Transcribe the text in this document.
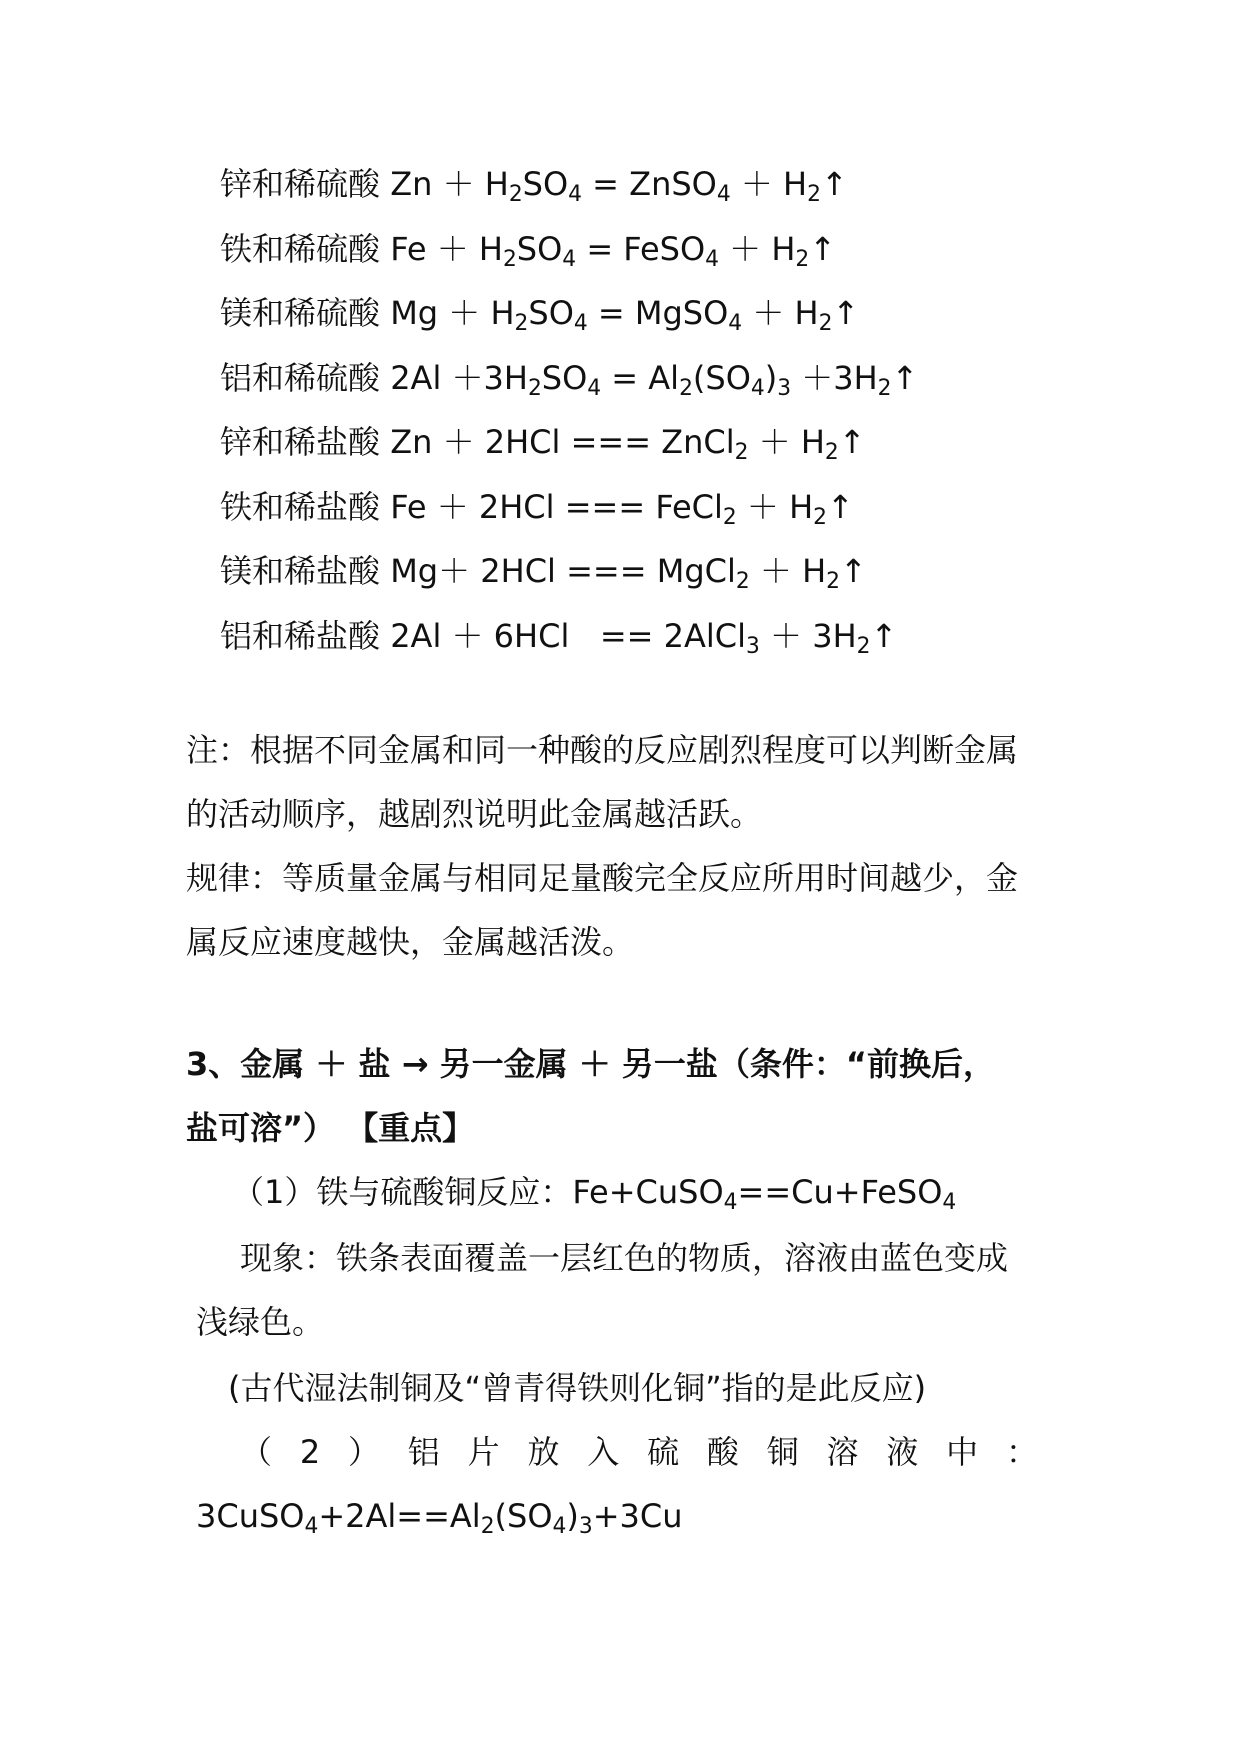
锌和稀硫酸 $Zn + H_2SO_4$ = ZnSO$_4$ ＋ $H_2↑$
铁和稀硫酸 $Fe + H_2SO_4$ = FeSO$_4$ ＋ $H_2↑$
镁和稀硫酸 $Mg + H_2SO_4$ = MgSO$_4$ ＋ $H_2↑$
铝和稀硫酸 $2Al +3H_2SO_4 = Al_2(SO_4)_3$ $+3H_2↑$
锌和稀盐酸 Zn ＋ 2HCl === ZnCl$_2$ ＋ $H_2↑$
铁和稀盐酸 Fe ＋ 2HCl === FeCl$_2$ ＋ $H_2↑$
镁和稀盐酸 Mg＋ 2HCl === MgCl$_2$ ＋ $H_2↑$
铝和稀盐酸 2Al ＋ 6HCl   == 2AlCl$_3$ ＋ $3H_2↑$
注：根据不同金属和同一种酸的反应剧烈程度可以判断金属
的活动顺序，越剧烈说明此金属越活跃。
规律：等质量金属与相同足量酸完全反应所用时间越少，金
属反应速度越快，金属越活泼。
3、金属 ＋ 盐 → 另一金属 ＋ 另一盐（条件：“前换后，
盐可溶”） 【重点】
（1）铁与硫酸铜反应：Fe+CuSO$_4$==Cu+FeSO$_4$
现象：铁条表面覆盖一层红色的物质，溶液由蓝色变成
浅绿色。
(古代湿法制铜及“曾青得铁则化铜”指的是此反应)
（2）铝片放入硫酸铜溶液中：
$3CuSO_4+2Al==Al_2(SO_4)_3+3Cu$
